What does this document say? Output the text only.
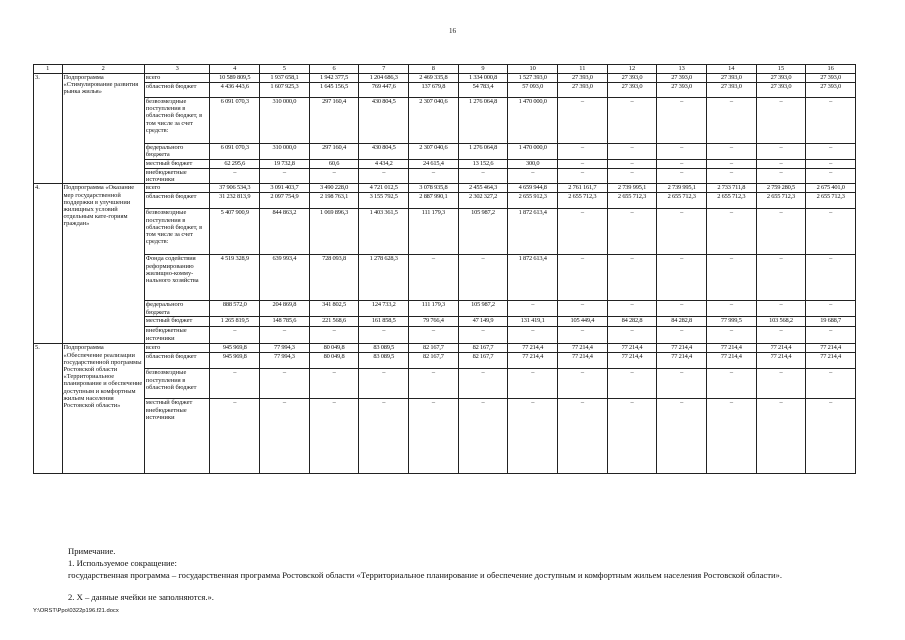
16
1	2	3	4	5	6	7	8	9	10	11	12	13	14	15	16
3.	Подпрограмма «Стимулирование развития рынка жилья»	всего	10 589 809,5	1 937 658,1	1 942 377,5	1 204 686,3	2 469 335,8	1 334 000,8	1 527 393,0	27 393,0	27 393,0	27 393,0	27 393,0	27 393,0	27 393,0
		областной бюджет	4 436 443,6	1 607 925,3	1 645 156,5	769 447,6	137 679,8	54 783,4	57 093,0	27 393,0	27 393,0	27 393,0	27 393,0	27 393,0	27 393,0
		безвозмездные поступления в областной бюджет, в том числе за счет средств:	6 091 070,3	310 000,0	297 160,4	430 804,5	2 307 040,6	1 276 064,8	1 470 000,0	–	–	–	–	–	–
		федерального бюджета	6 091 070,3	310 000,0	297 160,4	430 804,5	2 307 040,6	1 276 064,8	1 470 000,0	–	–	–	–	–	–
		местный бюджет	62 295,6	19 732,8	60,6	4 434,2	24 615,4	13 152,6	300,0	–	–	–	–	–	–
		внебюджетные источники	–	–	–	–	–	–	–	–	–	–	–	–	–
4.	Подпрограмма «Оказание мер государственной поддержки в улучшении жилищных условий отдельным кате-гориям граждан»	всего	37 906 534,3	3 091 403,7	3 490 228,0	4 721 012,5	3 078 935,8	2 455 464,3	4 659 944,8	2 761 161,7	2 739 995,1	2 739 995,1	2 733 711,8	2 759 280,5	2 675 401,0
		областной бюджет	31 232 813,9	2 097 754,9	2 198 763,1	3 155 792,5	2 887 990,1	2 302 327,2	2 655 912,3	2 655 712,3	2 655 712,3	2 655 712,3	2 655 712,3	2 655 712,3	2 655 712,3
		безвозмездные поступления в областной бюджет, в том числе за счет средств:	5 407 900,9	844 863,2	1 069 896,3	1 403 361,5	111 179,3	105 987,2	1 872 613,4	–	–	–	–	–	–
		Фонда содействия реформированию жилищно-комму-нального хозяйства	4 519 328,9	639 993,4	728 093,8	1 278 628,3	–	–	1 872 613,4	–	–	–	–	–	–
		федерального бюджета	888 572,0	204 869,8	341 802,5	124 733,2	111 179,3	105 987,2	–	–	–	–	–	–	–
		местный бюджет	1 265 819,5	148 785,6	221 568,6	161 858,5	79 766,4	47 149,9	131 419,1	105 449,4	84 282,8	84 282,8	77 999,5	103 568,2	19 688,7
		внебюджетные источники	–	–	–	–	–	–	–	–	–	–	–	–	–
5.	Подпрограмма «Обеспечение реализации государственной программы Ростовской области «Территориальное планирование и обеспечение доступным и комфортным жильем населения Ростовской области»	всего	945 969,8	77 994,3	80 049,8	83 089,5	82 167,7	82 167,7	77 214,4	77 214,4	77 214,4	77 214,4	77 214,4	77 214,4	77 214,4
		областной бюджет	945 969,8	77 994,3	80 049,8	83 089,5	82 167,7	82 167,7	77 214,4	77 214,4	77 214,4	77 214,4	77 214,4	77 214,4	77 214,4
		безвозмездные поступления в областной бюджет	–	–	–	–	–	–	–	–	–	–	–	–	–
		местный бюджет внебюджетные источники	–	–	–	–	–	–	–	–	–	–	–	–	–
Примечание.
1. Используемое сокращение:
государственная программа – государственная программа Ростовской области «Территориальное планирование и обеспечение доступным и комфортным жильем населения Ростовской области».
2. Х – данные ячейки не заполняются.».
Y:\ORST\Ppo\0322p196.f21.docx
